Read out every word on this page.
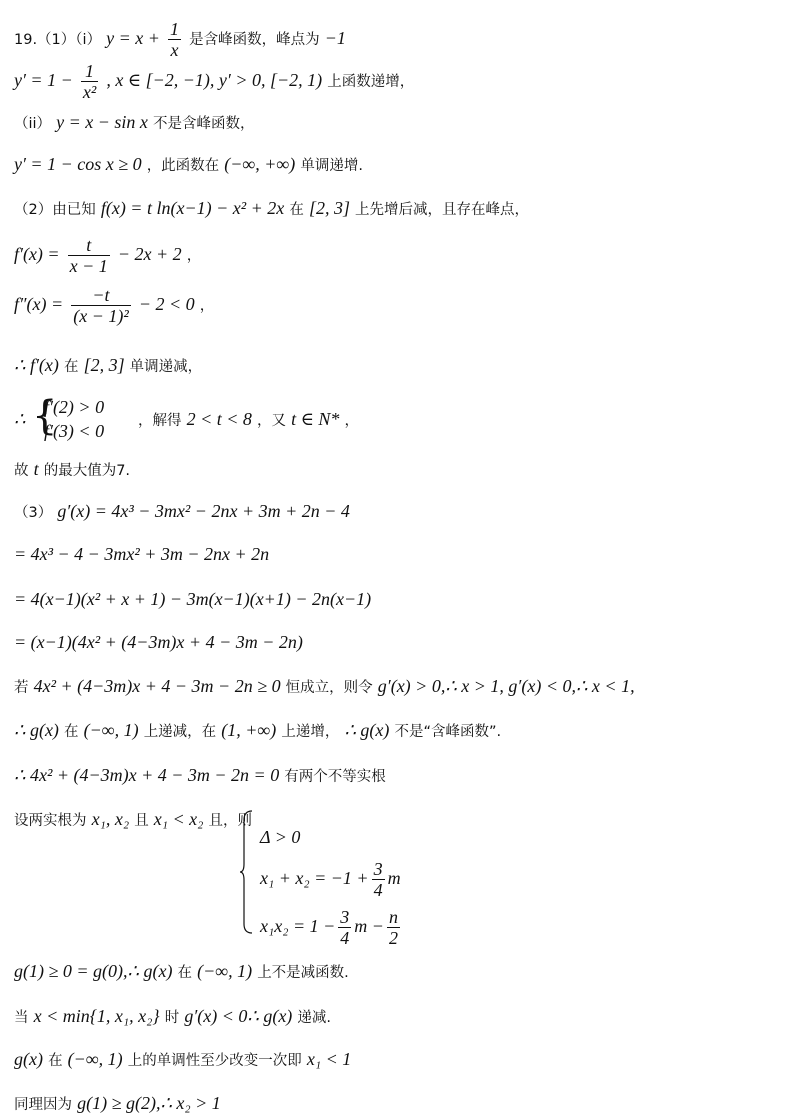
19.（1）（i） $y = x + \frac{1}{x}$ 是含峰函数，峰点为 −1
$y' = 1 - \frac{1}{\text{x²}}$ , x ∈ [−2, −1), y′ > 0, [−2, 1) 上函数递增，
（ii） y = x − sin x 不是含峰函数，
y′ = 1 − cos x ≥ 0 ，此函数在 (−∞, +∞) 单调递增.
（2）由已知 f(x) = t ln(x−1) − x² + 2x 在 [2, 3] 上先增后减，且存在峰点，
$f'(x) = \frac{t}{x - 1} - 2x + 2$ ，
$f''(x) = \frac{-t}{\text{(x − 1)²}} - 2 < 0$ ，
∴ f′(x) 在 [2, 3] 单调递减，
∴ {
f′(2) > 0
f′(3) < 0 ，解得 2 < t < 8 ，又 t ∈ N* ，
故 t 的最大值为7.
（3） g′(x) = 4x³ − 3mx² − 2nx + 3m + 2n − 4
= 4x³ − 4 − 3mx² + 3m − 2nx + 2n
= 4(x−1)(x² + x + 1) − 3m(x−1)(x+1) − 2n(x−1)
= (x−1)(4x² + (4−3m)x + 4 − 3m − 2n)
若 4x² + (4−3m)x + 4 − 3m − 2n ≥ 0 恒成立，则令 g′(x) > 0,∴ x > 1, g′(x) < 0,∴ x < 1,
∴ g(x) 在 (−∞, 1) 上递减，在 (1, +∞) 上递增， ∴ g(x) 不是“含峰函数”.
∴ 4x² + (4−3m)x + 4 − 3m − 2n = 0 有两个不等实根
设两实根为 x₁, x₂ 且 x₁ < x₂ 且，则
Δ > 0
$x_1 + x_2 = -1 + \frac{3}{4}$ m
$x_1x_2 = 1 - \frac{3}{4}$ $m - \frac{n}{2}$
g(1) ≥ 0 = g(0),∴ g(x) 在 (−∞, 1) 上不是减函数.
当 x < min{1, x₁, x₂} 时 g′(x) < 0∴ g(x) 递减.
g(x) 在 (−∞, 1) 上的单调性至少改变一次即 x₁ < 1
同理因为 g(1) ≥ g(2),∴ x₂ > 1
